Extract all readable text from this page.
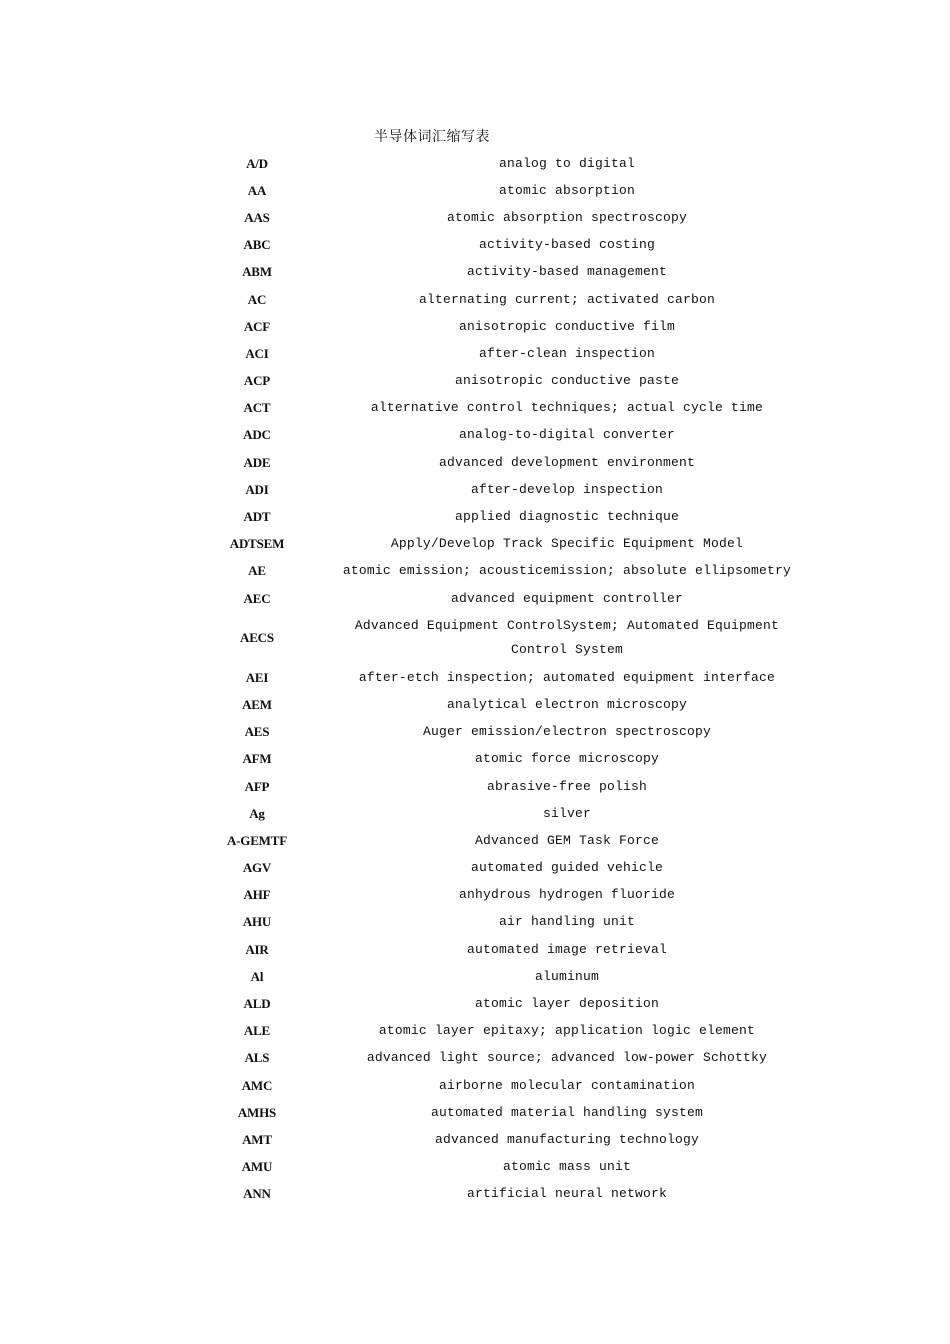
半导体词汇缩写表
A/D	analog to digital
AA	atomic absorption
AAS	atomic absorption spectroscopy
ABC	activity-based costing
ABM	activity-based management
AC	alternating current; activated carbon
ACF	anisotropic conductive film
ACI	after-clean inspection
ACP	anisotropic conductive paste
ACT	alternative control techniques; actual cycle time
ADC	analog-to-digital converter
ADE	advanced development environment
ADI	after-develop inspection
ADT	applied diagnostic technique
ADTSEM	Apply/Develop Track Specific Equipment Model
AE	atomic emission; acousticemission; absolute ellipsometry
AEC	advanced equipment controller
AECS	Advanced Equipment ControlSystem; Automated Equipment Control System
AEI	after-etch inspection; automated equipment interface
AEM	analytical electron microscopy
AES	Auger emission/electron spectroscopy
AFM	atomic force microscopy
AFP	abrasive-free polish
Ag	silver
A-GEMTF	Advanced GEM Task Force
AGV	automated guided vehicle
AHF	anhydrous hydrogen fluoride
AHU	air handling unit
AIR	automated image retrieval
Al	aluminum
ALD	atomic layer deposition
ALE	atomic layer epitaxy; application logic element
ALS	advanced light source; advanced low-power Schottky
AMC	airborne molecular contamination
AMHS	automated material handling system
AMT	advanced manufacturing technology
AMU	atomic mass unit
ANN	artificial neural network
